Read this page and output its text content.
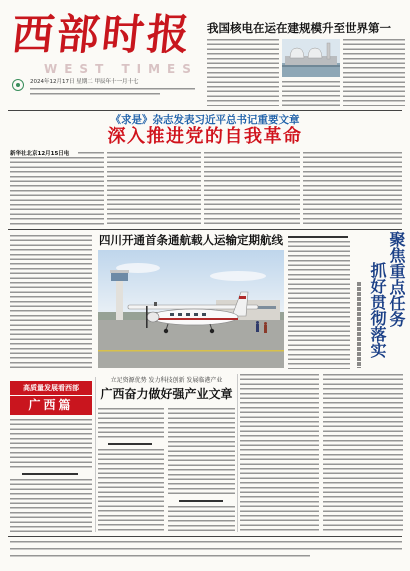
西部时报
WEST TIMES
2024年12月17日 星期二 甲辰年十一月十七
我国核电在运在建规模升至世界第一
《求是》杂志发表习近平总书记重要文章
深入推进党的自我革命
新华社北京12月15日电
四川开通首条通航载人运输定期航线	聚焦重点任务
抓好贯彻落实
高质量发展看西部
广西篇
立足资源优势 发力科技创新 发展临港产业
广西奋力做好强产业文章
